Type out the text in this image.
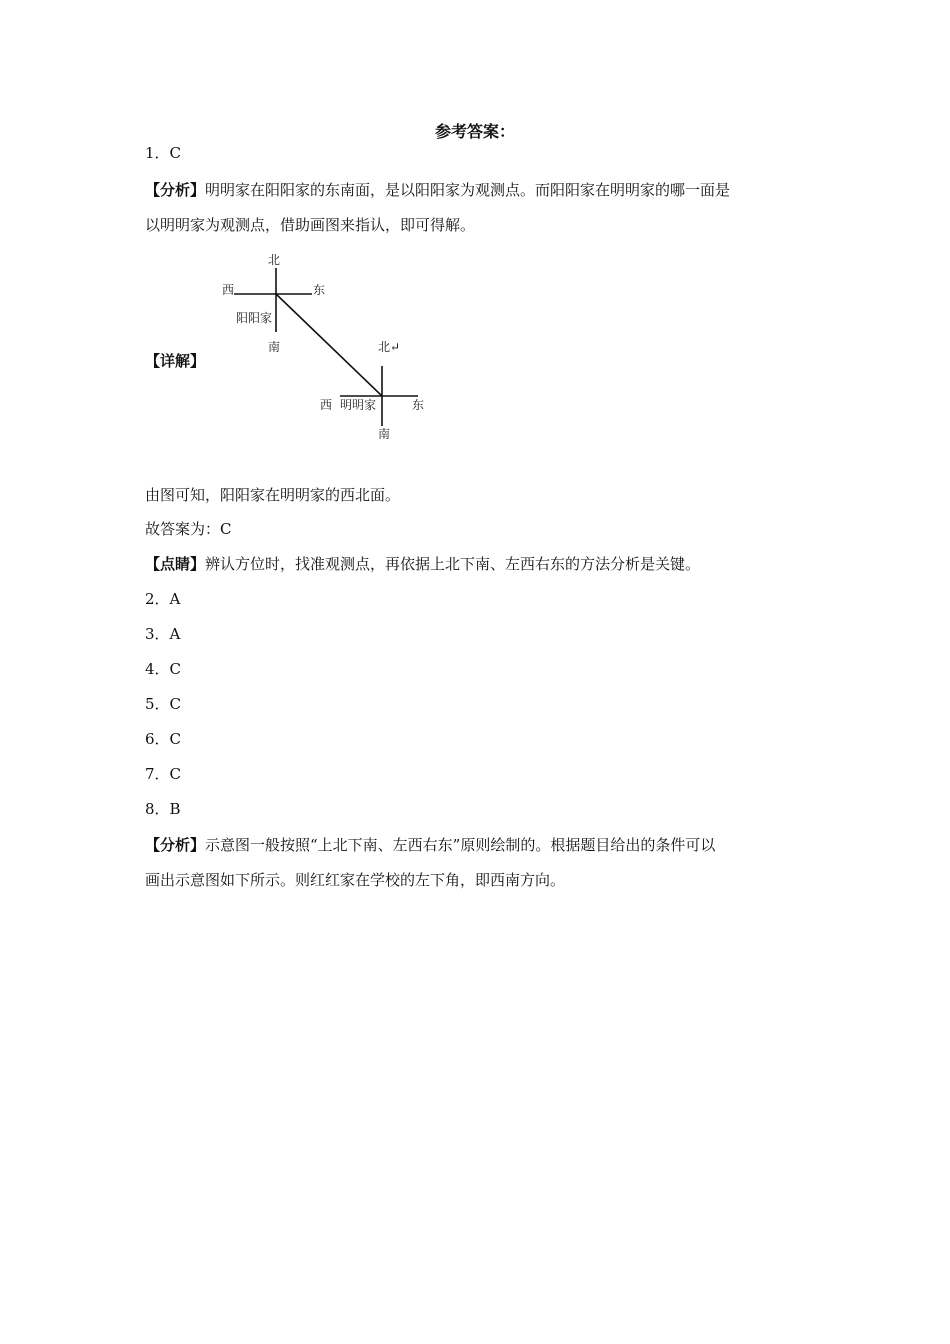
参考答案：
1．C
【分析】明明家在阳阳家的东南面，是以阳阳家为观测点。而阳阳家在明明家的哪一面是
以明明家为观测点，借助画图来指认，即可得解。
【详解】
北
西	东
阳阳家
南	北↵
西 明明家	东
南
由图可知，阳阳家在明明家的西北面。
故答案为：C
【点睛】辨认方位时，找准观测点，再依据上北下南、左西右东的方法分析是关键。
2．A
3．A
4．C
5．C
6．C
7．C
8．B
【分析】示意图一般按照“上北下南、左西右东”原则绘制的。根据题目给出的条件可以
画出示意图如下所示。则红红家在学校的左下角，即西南方向。
